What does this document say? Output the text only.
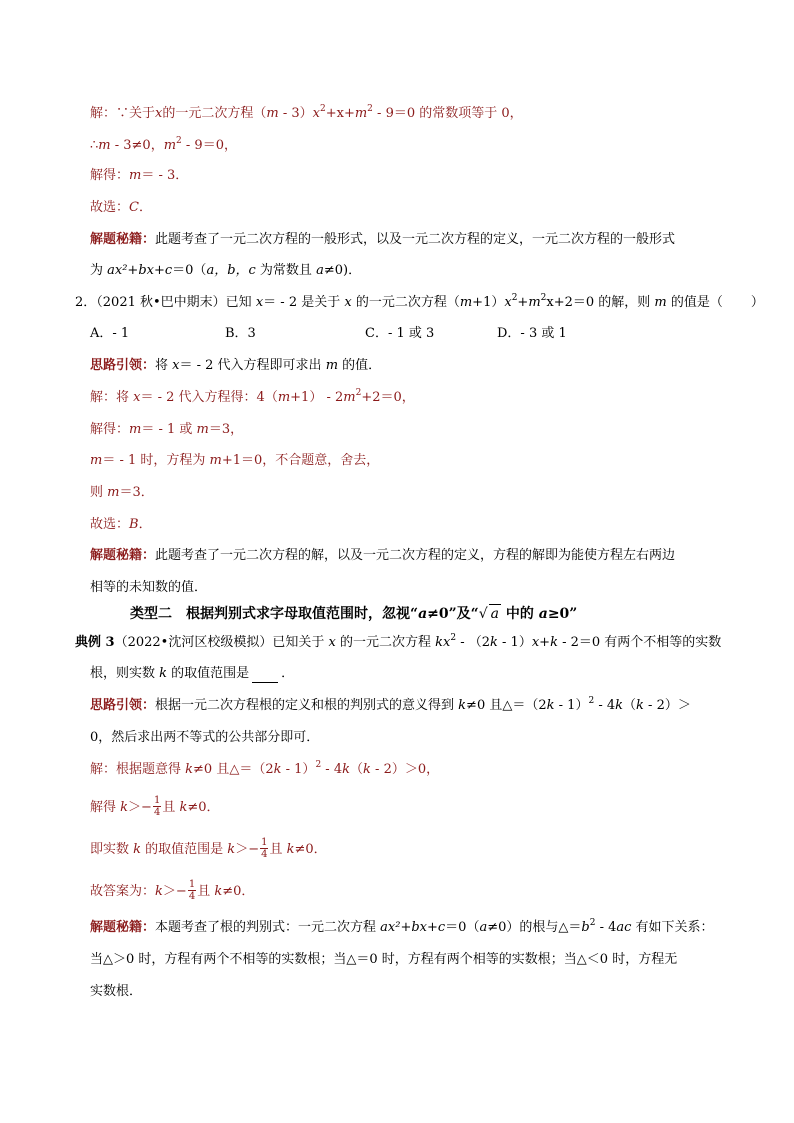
解：∵关于x的一元二次方程$(m - 3)x^2+x+m^2 - 9=0$ 的常数项等于 0，
∴m - 3≠0，$m^2 - 9=0$，
解得：m＝ - 3．
故选：C．
解题秘籍：此题考查了一元二次方程的一般形式，以及一元二次方程的定义，一元二次方程的一般形式
为 ax²+bx+c＝0（a，b，c 为常数且 a≠0)．
2．（2021 秋•巴中期末）已知 x＝ - 2 是关于 x 的一元二次方程$(m+1)x^2+m^2x+2=0$ 的解，则 m 的值是（ ）
A．- 1	B．3	C．- 1 或 3	D．- 3 或 1
思路引领：将 x＝ - 2 代入方程即可求出 m 的值．
解：将 x＝ - 2 代入方程得：$4(m+1) - 2m^2+2=0$，
解得：m＝ - 1 或 m＝3，
m＝ - 1 时，方程为 m+1＝0，不合题意，舍去，
则 m＝3．
故选：B．
解题秘籍：此题考查了一元二次方程的解，以及一元二次方程的定义，方程的解即为能使方程左右两边
相等的未知数的值．
类型二　根据判别式求字母取值范围时，忽视“a≠0”及“√ a 中的 a≥0”
典例 3（2022•沈河区校级模拟）已知关于 x 的一元二次方程 $kx^2 - (2k - 1)x+k - 2=0$ 有两个不相等的实数
根，则实数 k 的取值范围是 ．
思路引领：根据一元二次方程根的定义和根的判别式的意义得到 k≠0 且△＝（2k - 1）$^2$ - 4k（k - 2）＞
0，然后求出两不等式的公共部分即可．
解：根据题意得 k≠0 且△＝（2k - 1）$^2$ - 4k（k - 2）＞0，
解得 $k>- \frac{1}{4}$ 且 k≠0．
即实数 k 的取值范围是 $k>- \frac{1}{4}$ 且 k≠0．
故答案为：$k>- \frac{1}{4}$ 且 k≠0．
解题秘籍：本题考查了根的判别式：一元二次方程 ax²+bx+c＝0（a≠0）的根与$\triangle=b^2 - 4ac$ 有如下关系：
当△＞0 时，方程有两个不相等的实数根；当△＝0 时，方程有两个相等的实数根；当△＜0 时，方程无
实数根．
